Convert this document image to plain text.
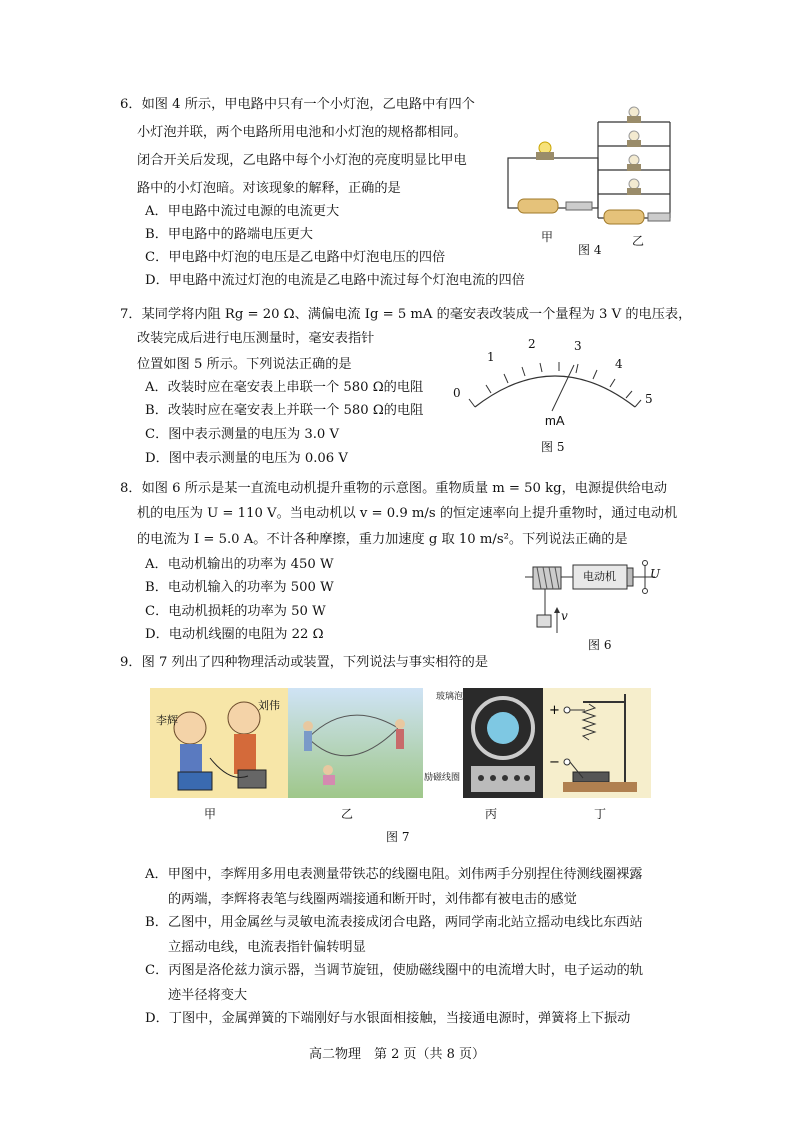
6．如图 4 所示，甲电路中只有一个小灯泡，乙电路中有四个
小灯泡并联，两个电路所用电池和小灯泡的规格都相同。
闭合开关后发现，乙电路中每个小灯泡的亮度明显比甲电
路中的小灯泡暗。对该现象的解释，正确的是
A．甲电路中流过电源的电流更大
B．甲电路中的路端电压更大
C．甲电路中灯泡的电压是乙电路中灯泡电压的四倍
D．甲电路中流过灯泡的电流是乙电路中流过每个灯泡电流的四倍
甲
图 4
乙
7．某同学将内阻 Rg = 20 Ω、满偏电流 Ig = 5 mA 的毫安表改装成一个量程为 3 V 的电压表，
改装完成后进行电压测量时，毫安表指针
位置如图 5 所示。下列说法正确的是
A．改装时应在毫安表上串联一个 580 Ω的电阻
B．改装时应在毫安表上并联一个 580 Ω的电阻
C．图中表示测量的电压为 3.0 V
D．图中表示测量的电压为 0.06 V
0
1
2	3
4
5
mA
图 5
8．如图 6 所示是某一直流电动机提升重物的示意图。重物质量 m = 50 kg，电源提供给电动
机的电压为 U = 110 V。当电动机以 v = 0.9 m/s 的恒定速率向上提升重物时，通过电动机
的电流为 I = 5.0 A。不计各种摩擦，重力加速度 g 取 10 m/s²。下列说法正确的是
A．电动机输出的功率为 450 W
B．电动机输入的功率为 500 W
C．电动机损耗的功率为 50 W
D．电动机线圈的电阻为 22 Ω
电动机	U
v
图 6
9．图 7 列出了四种物理活动或装置，下列说法与事实相符的是
李辉
刘伟
玻璃泡
励磁线圈
+
−
甲	乙	丙	丁
图 7
A．甲图中，李辉用多用电表测量带铁芯的线圈电阻。刘伟两手分别捏住待测线圈裸露
的两端，李辉将表笔与线圈两端接通和断开时，刘伟都有被电击的感觉
B．乙图中，用金属丝与灵敏电流表接成闭合电路，两同学南北站立摇动电线比东西站
立摇动电线，电流表指针偏转明显
C．丙图是洛伦兹力演示器，当调节旋钮，使励磁线圈中的电流增大时，电子运动的轨
迹半径将变大
D．丁图中，金属弹簧的下端刚好与水银面相接触，当接通电源时，弹簧将上下振动
高二物理　第 2 页（共 8 页）
